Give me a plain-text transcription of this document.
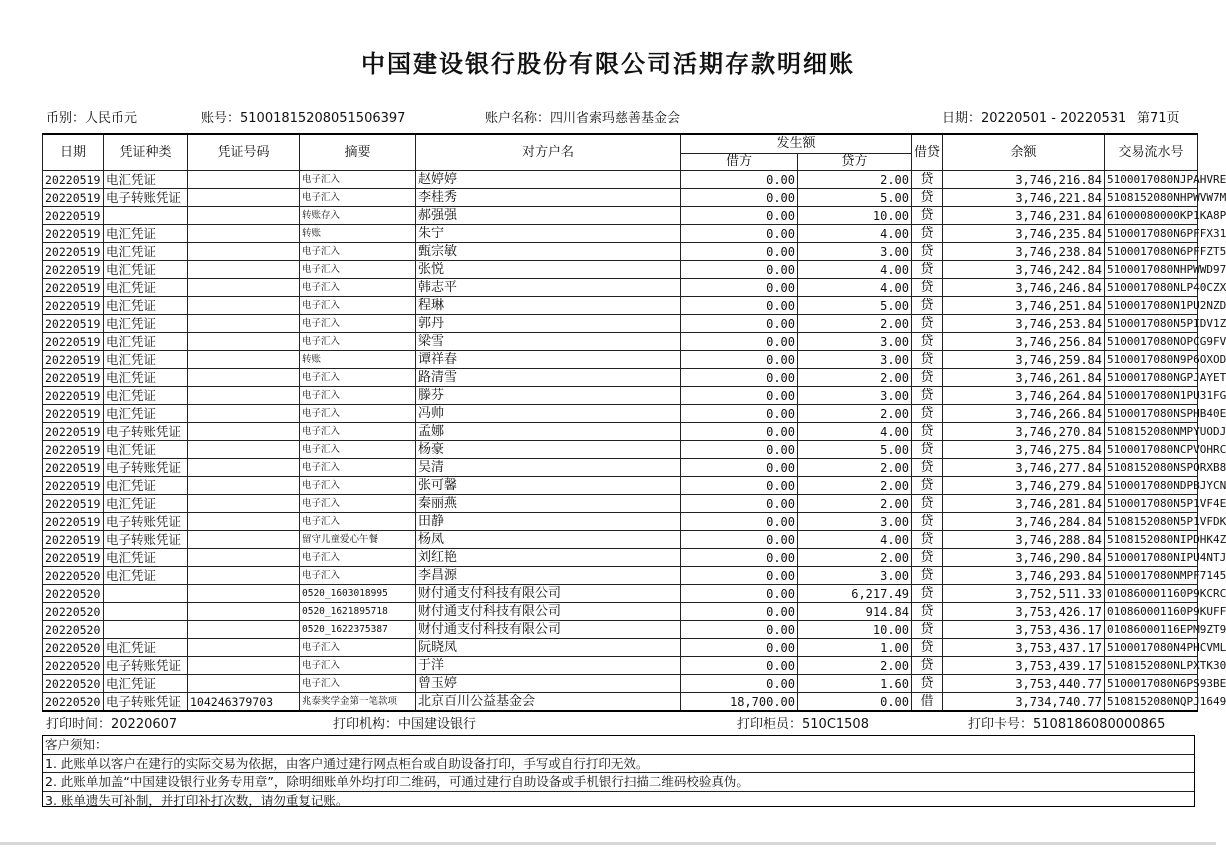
中国建设银行股份有限公司活期存款明细账
币别：人民币元	账号：51001815208051506397	账户名称：四川省索玛慈善基金会	日期：20220501 - 20220531 第71页
日期	凭证种类	凭证号码	摘要	对方户名	发生额		借贷	余额	交易流水号
					借方	贷方			
20220519	电汇凭证		电子汇入	赵婷婷	0.00	2.00	贷	3,746,216.84	5100017080NJPAHVRE
20220519	电子转账凭证		电子汇入	李桂秀	0.00	5.00	贷	3,746,221.84	5108152080NHPWVW7M
20220519			转账存入	郝强强	0.00	10.00	贷	3,746,231.84	61000080000KP1KA8P
20220519	电汇凭证		转账	朱宁	0.00	4.00	贷	3,746,235.84	5100017080N6PFFX31
20220519	电汇凭证		电子汇入	甄宗敏	0.00	3.00	贷	3,746,238.84	5100017080N6PFFZT5
20220519	电汇凭证		电子汇入	张悦	0.00	4.00	贷	3,746,242.84	5100017080NHPWWD97
20220519	电汇凭证		电子汇入	韩志平	0.00	4.00	贷	3,746,246.84	5100017080NLP40CZX
20220519	电汇凭证		电子汇入	程琳	0.00	5.00	贷	3,746,251.84	5100017080N1PU2NZD
20220519	电汇凭证		电子汇入	郭丹	0.00	2.00	贷	3,746,253.84	5100017080N5PIDV1Z
20220519	电汇凭证		电子汇入	梁雪	0.00	3.00	贷	3,746,256.84	5100017080NOPCG9FV
20220519	电汇凭证		转账	谭祥春	0.00	3.00	贷	3,746,259.84	5100017080N9P6OXOD
20220519	电汇凭证		电子汇入	路清雪	0.00	2.00	贷	3,746,261.84	5100017080NGPJAYET
20220519	电汇凭证		电子汇入	滕芬	0.00	3.00	贷	3,746,264.84	5100017080N1PU31FG
20220519	电汇凭证		电子汇入	冯帅	0.00	2.00	贷	3,746,266.84	5100017080NSPHB40E
20220519	电子转账凭证		电子汇入	孟娜	0.00	4.00	贷	3,746,270.84	5108152080NMPYUODJ
20220519	电汇凭证		电子汇入	杨豪	0.00	5.00	贷	3,746,275.84	5100017080NCPVOHRC
20220519	电子转账凭证		电子汇入	吴清	0.00	2.00	贷	3,746,277.84	5108152080NSPORXB8
20220519	电汇凭证		电子汇入	张可馨	0.00	2.00	贷	3,746,279.84	5100017080NDPBJYCN
20220519	电汇凭证		电子汇入	秦丽燕	0.00	2.00	贷	3,746,281.84	5100017080N5P1VF4E
20220519	电子转账凭证		电子汇入	田静	0.00	3.00	贷	3,746,284.84	5108152080N5P1VFDK
20220519	电子转账凭证		留守儿童爱心午餐	杨凤	0.00	4.00	贷	3,746,288.84	5108152080NIPDHK4Z
20220519	电汇凭证		电子汇入	刘红艳	0.00	2.00	贷	3,746,290.84	5100017080NIPU4NTJ
20220520	电汇凭证		电子汇入	李昌源	0.00	3.00	贷	3,746,293.84	5100017080NMPF7145
20220520			0520_1603018995	财付通支付科技有限公司	0.00	6,217.49	贷	3,752,511.33	010860001160P9KCRC
20220520			0520_1621895718	财付通支付科技有限公司	0.00	914.84	贷	3,753,426.17	010860001160P9KUFF
20220520			0520_1622375387	财付通支付科技有限公司	0.00	10.00	贷	3,753,436.17	01086000116EPM9ZT9
20220520	电汇凭证		电子汇入	阮晓凤	0.00	1.00	贷	3,753,437.17	5100017080N4PHCVML
20220520	电子转账凭证		电子汇入	于洋	0.00	2.00	贷	3,753,439.17	5108152080NLPXTK30
20220520	电汇凭证		电子汇入	曾玉婷	0.00	1.60	贷	3,753,440.77	5100017080N6PS93BE
20220520	电子转账凭证	104246379703	兆泰奖学金第一笔款项	北京百川公益基金会	18,700.00	0.00	借	3,734,740.77	5108152080NQPJ1649
打印时间：20220607	打印机构：中国建设银行	打印柜员：510C1508	打印卡号：5108186080000865
客户须知：
1. 此账单以客户在建行的实际交易为依据，由客户通过建行网点柜台或自助设备打印，手写或自行打印无效。
2. 此账单加盖“中国建设银行业务专用章”，除明细账单外均打印二维码，可通过建行自助设备或手机银行扫描二维码校验真伪。
3. 账单遗失可补制，并打印补打次数，请勿重复记账。
